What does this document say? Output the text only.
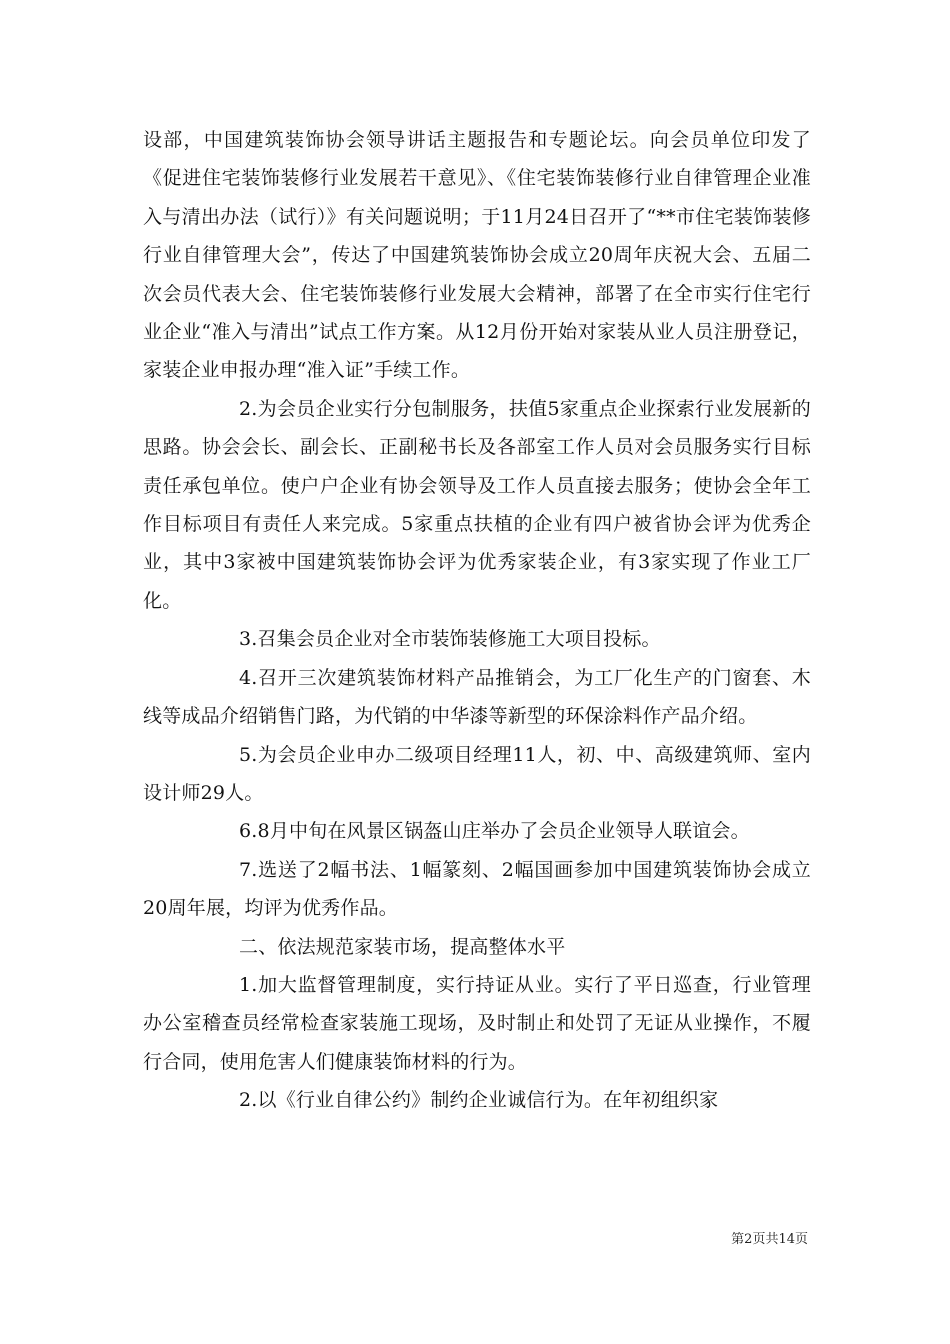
设部，中国建筑装饰协会领导讲话主题报告和专题论坛。向会员单位印发了《促进住宅装饰装修行业发展若干意见》、《住宅装饰装修行业自律管理企业准入与清出办法（试行）》有关问题说明；于11月24日召开了“**市住宅装饰装修行业自律管理大会”，传达了中国建筑装饰协会成立20周年庆祝大会、五届二次会员代表大会、住宅装饰装修行业发展大会精神，部署了在全市实行住宅行业企业“准入与清出”试点工作方案。从12月份开始对家装从业人员注册登记，家装企业申报办理“准入证”手续工作。

2.为会员企业实行分包制服务，扶值5家重点企业探索行业发展新的思路。协会会长、副会长、正副秘书长及各部室工作人员对会员服务实行目标责任承包单位。使户户企业有协会领导及工作人员直接去服务；使协会全年工作目标项目有责任人来完成。5家重点扶植的企业有四户被省协会评为优秀企业，其中3家被中国建筑装饰协会评为优秀家装企业，有3家实现了作业工厂化。

3.召集会员企业对全市装饰装修施工大项目投标。

4.召开三次建筑装饰材料产品推销会，为工厂化生产的门窗套、木线等成品介绍销售门路，为代销的中华漆等新型的环保涂料作产品介绍。

5.为会员企业申办二级项目经理11人，初、中、高级建筑师、室内设计师29人。

6.8月中旬在风景区锅盔山庄举办了会员企业领导人联谊会。

7.选送了2幅书法、1幅篆刻、2幅国画参加中国建筑装饰协会成立20周年展，均评为优秀作品。

二、依法规范家装市场，提高整体水平

1.加大监督管理制度，实行持证从业。实行了平日巡查，行业管理办公室稽查员经常检查家装施工现场，及时制止和处罚了无证从业操作，不履行合同，使用危害人们健康装饰材料的行为。

2.以《行业自律公约》制约企业诚信行为。在年初组织家

第2页共14页
